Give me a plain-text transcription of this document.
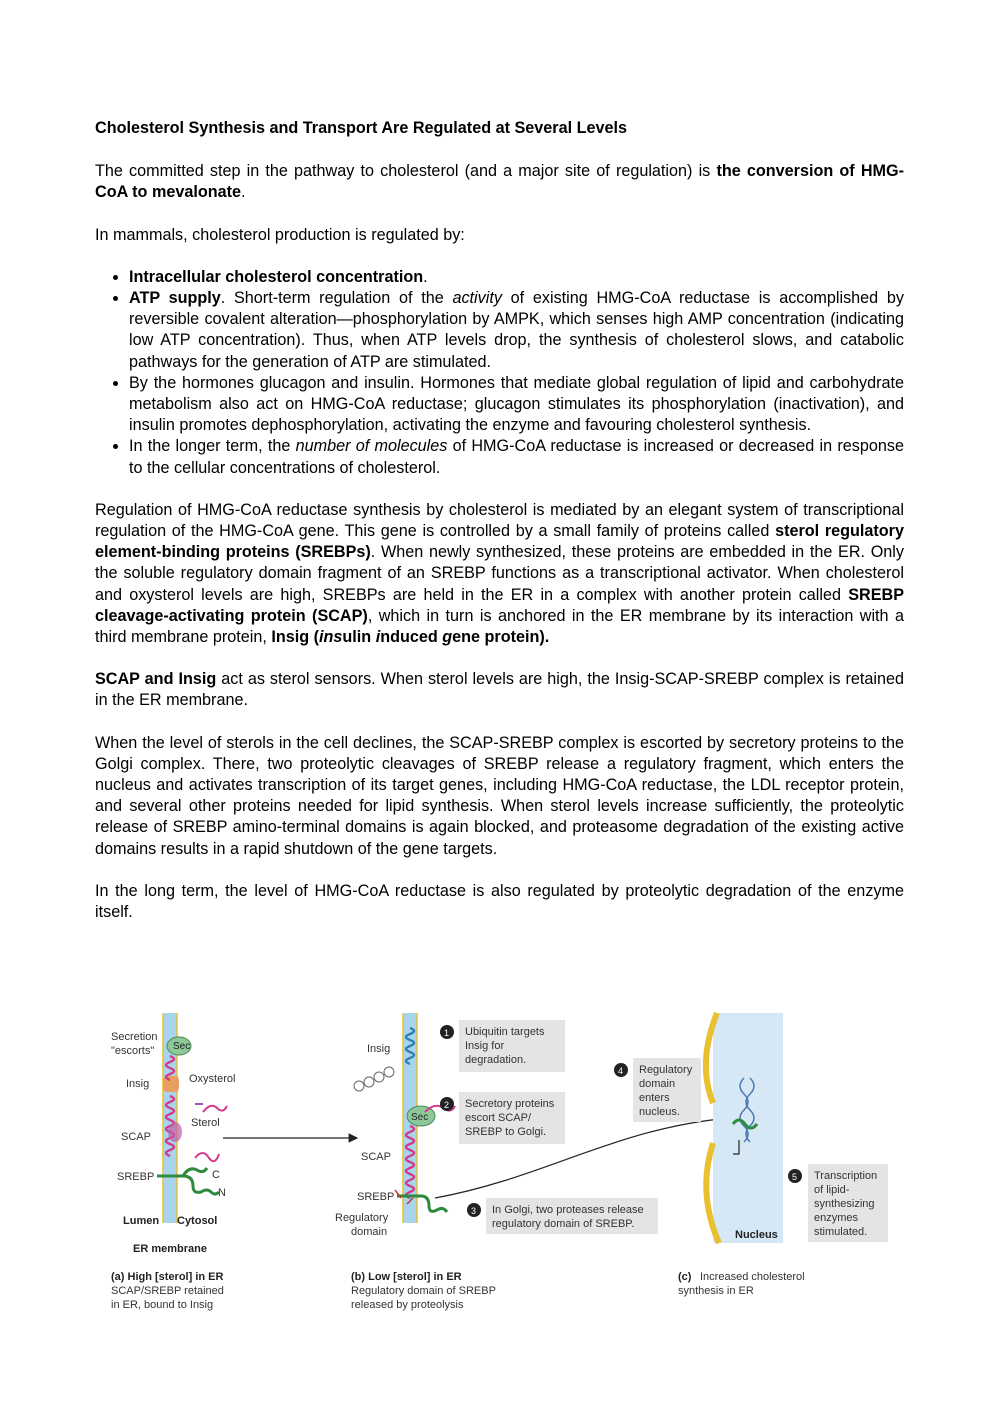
Cholesterol Synthesis and Transport Are Regulated at Several Levels

The committed step in the pathway to cholesterol (and a major site of regulation) is the conversion of HMG-CoA to mevalonate.

In mammals, cholesterol production is regulated by:

• Intracellular cholesterol concentration.
• ATP supply. Short-term regulation of the activity of existing HMG-CoA reductase is accomplished by reversible covalent alteration—phosphorylation by AMPK, which senses high AMP concentration (indicating low ATP concentration). Thus, when ATP levels drop, the synthesis of cholesterol slows, and catabolic pathways for the generation of ATP are stimulated.
• By the hormones glucagon and insulin. Hormones that mediate global regulation of lipid and carbohydrate metabolism also act on HMG-CoA reductase; glucagon stimulates its phosphorylation (inactivation), and insulin promotes dephosphorylation, activating the enzyme and favouring cholesterol synthesis.
• In the longer term, the number of molecules of HMG-CoA reductase is increased or decreased in response to the cellular concentrations of cholesterol.

Regulation of HMG-CoA reductase synthesis by cholesterol is mediated by an elegant system of transcriptional regulation of the HMG-CoA gene. This gene is controlled by a small family of proteins called sterol regulatory element-binding proteins (SREBPs). When newly synthesized, these proteins are embedded in the ER. Only the soluble regulatory domain fragment of an SREBP functions as a transcriptional activator. When cholesterol and oxysterol levels are high, SREBPs are held in the ER in a complex with another protein called SREBP cleavage-activating protein (SCAP), which in turn is anchored in the ER membrane by its interaction with a third membrane protein, Insig (insulin induced gene protein).

SCAP and Insig act as sterol sensors. When sterol levels are high, the Insig-SCAP-SREBP complex is retained in the ER membrane.

When the level of sterols in the cell declines, the SCAP-SREBP complex is escorted by secretory proteins to the Golgi complex. There, two proteolytic cleavages of SREBP release a regulatory fragment, which enters the nucleus and activates transcription of its target genes, including HMG-CoA reductase, the LDL receptor protein, and several other proteins needed for lipid synthesis. When sterol levels increase sufficiently, the proteolytic release of SREBP amino-terminal domains is again blocked, and proteasome degradation of the existing active domains results in a rapid shutdown of the gene targets.

In the long term, the level of HMG-CoA reductase is also regulated by proteolytic degradation of the enzyme itself.

Sec
Secretion
"escorts"
Insig	Oxysterol
Sterol
SCAP
SREBP	C
N
Lumen Cytosol
ER membrane
(a) High [sterol] in ER
SCAP/SREBP retained
in ER, bound to Insig
Sec
Insig
SCAP
SREBP
Regulatory
domain
1 Ubiquitin targets
Insig for
degradation.
2 Secretory proteins
escort SCAP/
SREBP to Golgi.
3 In Golgi, two proteases release
regulatory domain of SREBP.
(b) Low [sterol] in ER
Regulatory domain of SREBP
released by proteolysis
Nucleus
4 Regulatory
domain
enters
nucleus.
5 Transcription
of lipid-
synthesizing
enzymes
stimulated.
(c) Increased cholesterol
synthesis in ER
